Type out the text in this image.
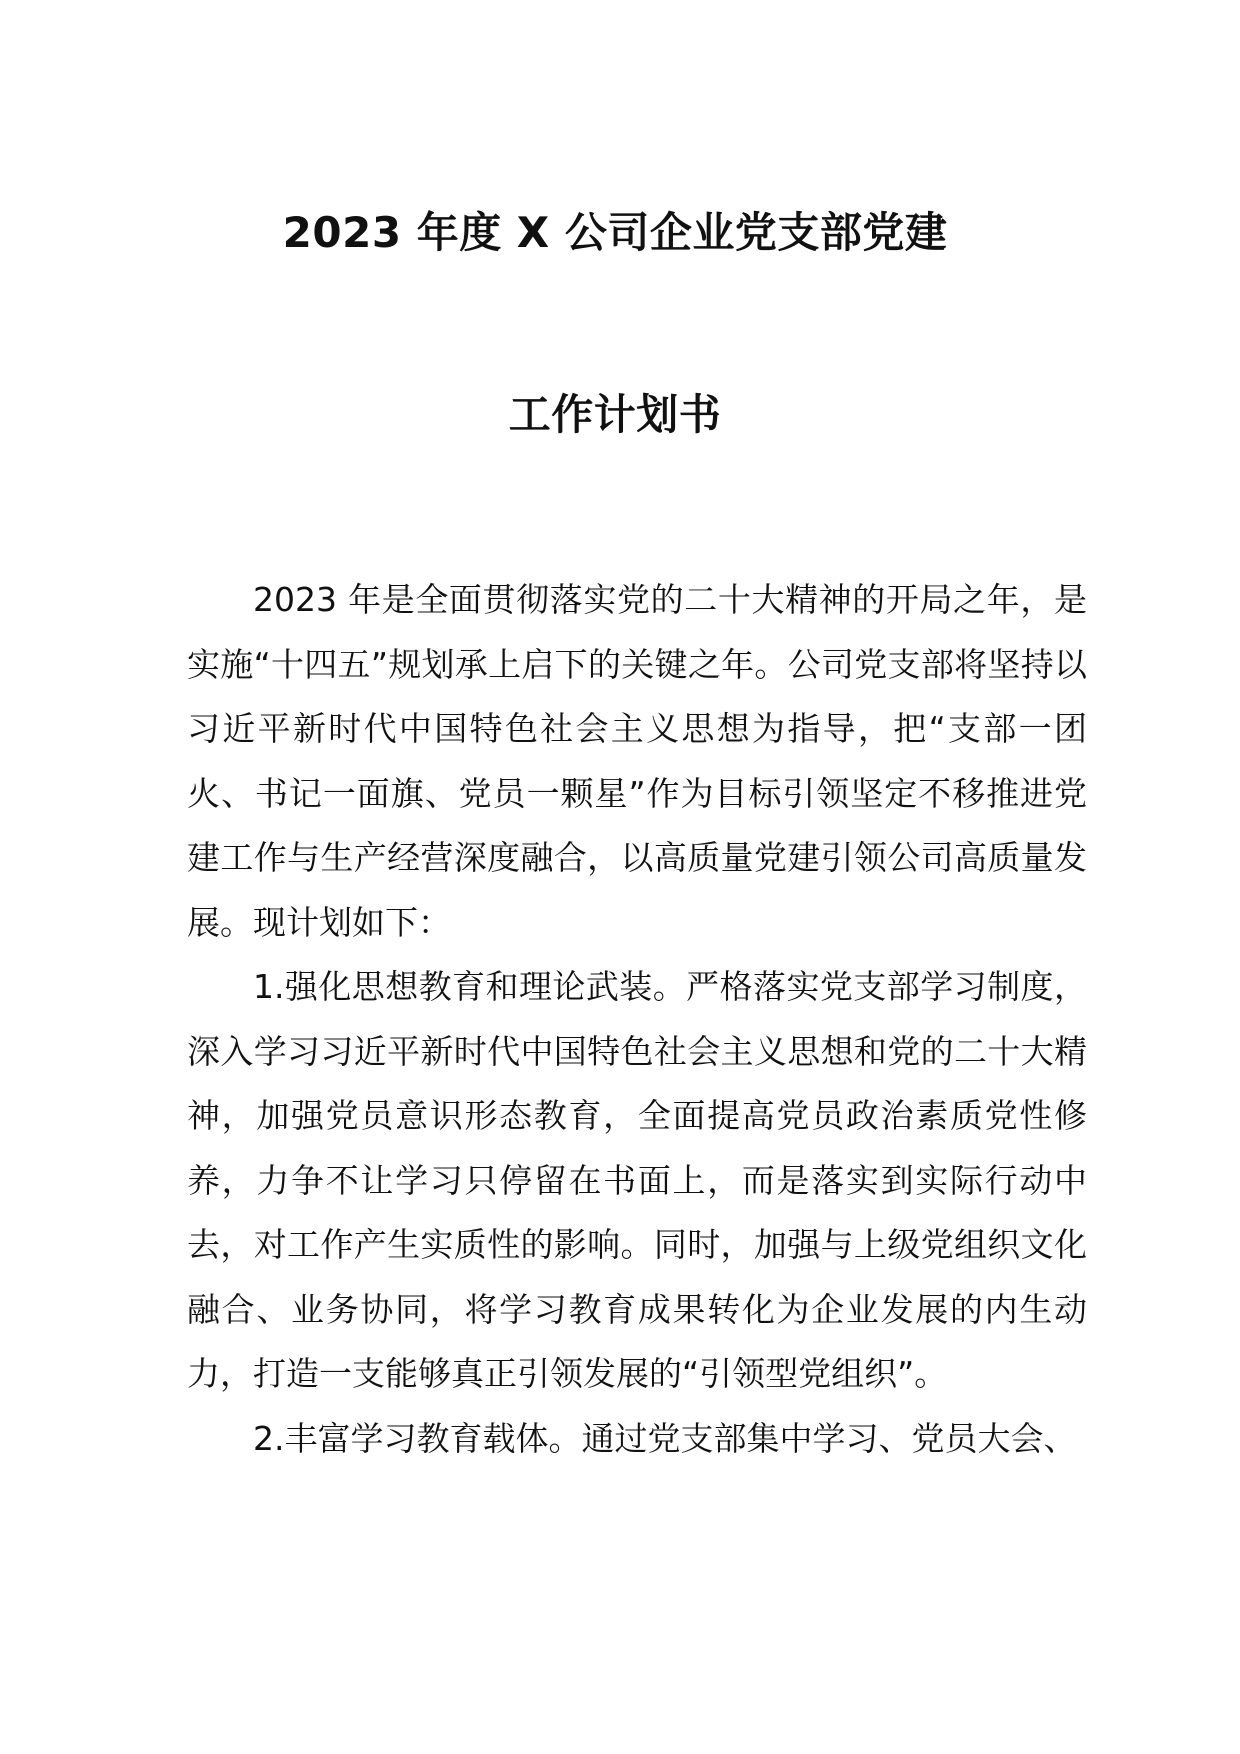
2023 年度 X 公司企业党支部党建
工作计划书

2023 年是全面贯彻落实党的二十大精神的开局之年，是实施“十四五”规划承上启下的关键之年。公司党支部将坚持以习近平新时代中国特色社会主义思想为指导，把“支部一团火、书记一面旗、党员一颗星”作为目标引领坚定不移推进党建工作与生产经营深度融合，以高质量党建引领公司高质量发展。现计划如下：

1.强化思想教育和理论武装。严格落实党支部学习制度，深入学习习近平新时代中国特色社会主义思想和党的二十大精神，加强党员意识形态教育，全面提高党员政治素质党性修养，力争不让学习只停留在书面上，而是落实到实际行动中去，对工作产生实质性的影响。同时，加强与上级党组织文化融合、业务协同，将学习教育成果转化为企业发展的内生动力，打造一支能够真正引领发展的“引领型党组织”。

2.丰富学习教育载体。通过党支部集中学习、党员大会、
